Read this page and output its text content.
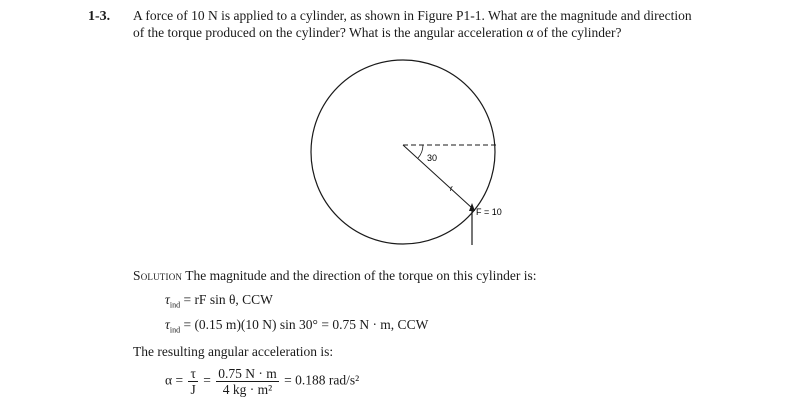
1-3. A force of 10 N is applied to a cylinder, as shown in Figure P1-1. What are the magnitude and direction
of the torque produced on the cylinder? What is the angular acceleration α of the cylinder?
30
r
F = 10
Solution The magnitude and the direction of the torque on this cylinder is:
$\tau_{ind}$ = rF sin θ, CCW
$\tau_{ind} = (0.15$ m)(10 N) sin 30° = 0.75 N · m, CCW
The resulting angular acceleration is:
$\alpha = \frac{\tau}{J} = \frac{0.75 N \cdot m}{\text{4 kg · m²}} = 0.188$ rad/s²
